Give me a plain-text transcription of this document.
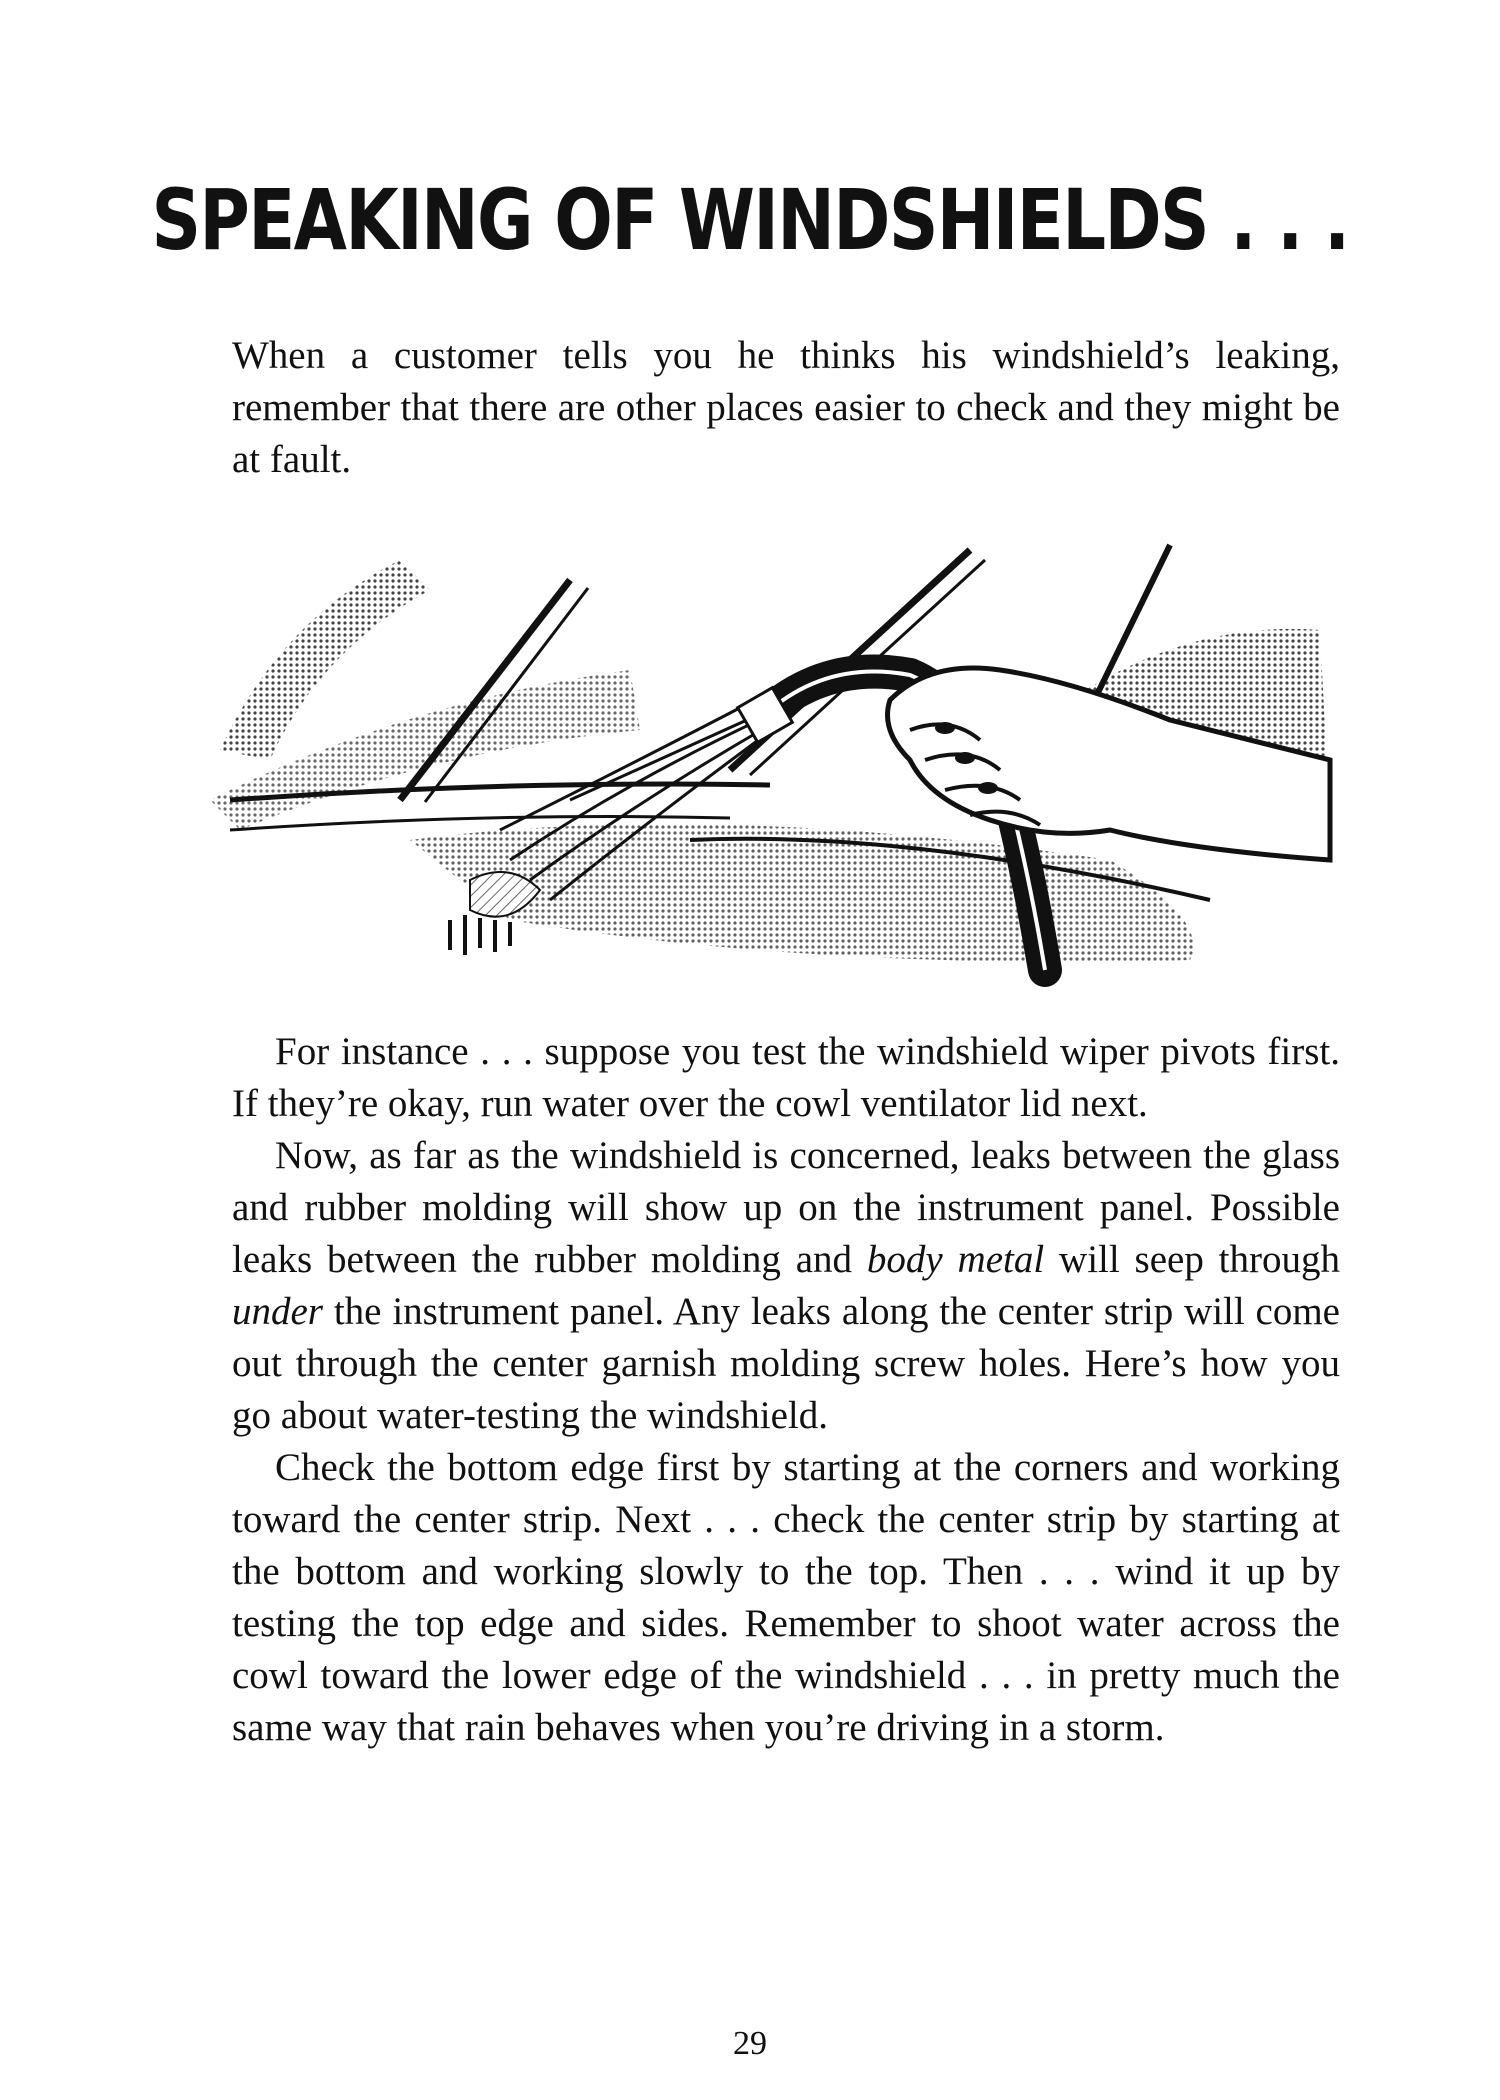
SPEAKING OF WINDSHIELDS . . .

When a customer tells you he thinks his windshield’s leaking, remember that there are other places easier to check and they might be at fault.

For instance . . . suppose you test the windshield wiper pivots first. If they’re okay, run water over the cowl ventilator lid next.

Now, as far as the windshield is concerned, leaks between the glass and rubber molding will show up on the instrument panel. Possible leaks between the rubber molding and body metal will seep through under the instrument panel. Any leaks along the center strip will come out through the center garnish molding screw holes. Here’s how you go about water-testing the windshield.

Check the bottom edge first by starting at the corners and working toward the center strip. Next . . . check the center strip by starting at the bottom and working slowly to the top. Then . . . wind it up by testing the top edge and sides. Remember to shoot water across the cowl toward the lower edge of the windshield . . . in pretty much the same way that rain behaves when you’re driving in a storm.

29
